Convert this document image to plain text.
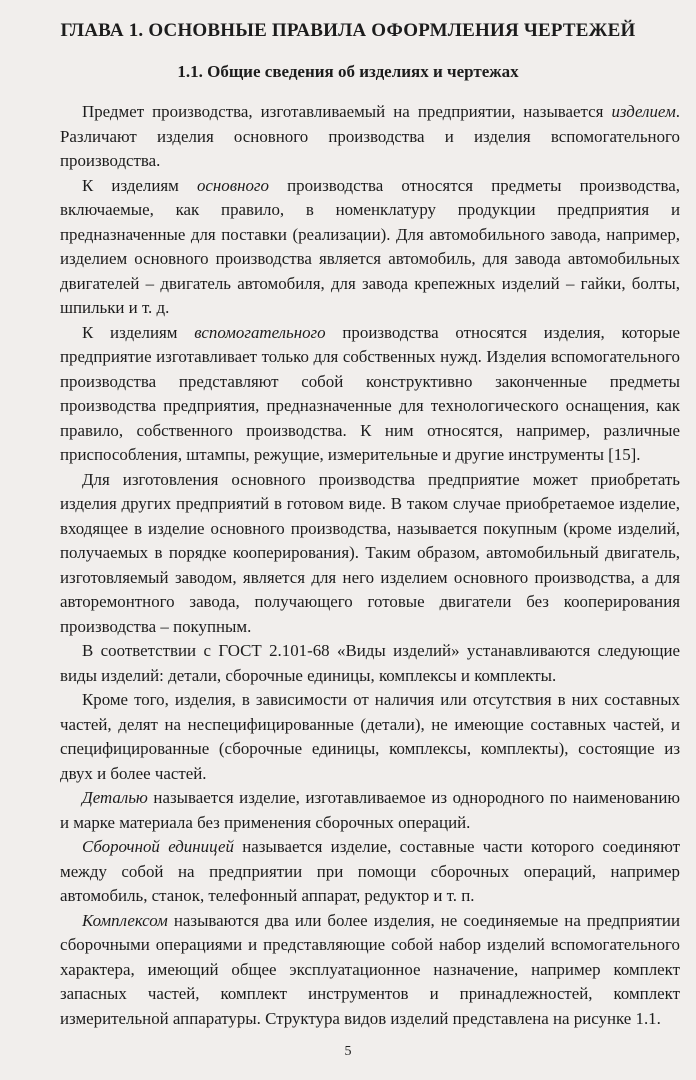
ГЛАВА 1. ОСНОВНЫЕ ПРАВИЛА ОФОРМЛЕНИЯ ЧЕРТЕЖЕЙ
1.1. Общие сведения об изделиях и чертежах

Предмет производства, изготавливаемый на предприятии, называется изделием. Различают изделия основного производства и изделия вспомогательного производства.

К изделиям основного производства относятся предметы производства, включаемые, как правило, в номенклатуру продукции предприятия и предназначенные для поставки (реализации). Для автомобильного завода, например, изделием основного производства является автомобиль, для завода автомобильных двигателей – двигатель автомобиля, для завода крепежных изделий – гайки, болты, шпильки и т. д.

К изделиям вспомогательного производства относятся изделия, которые предприятие изготавливает только для собственных нужд. Изделия вспомогательного производства представляют собой конструктивно законченные предметы производства предприятия, предназначенные для технологического оснащения, как правило, собственного производства. К ним относятся, например, различные приспособления, штампы, режущие, измерительные и другие инструменты [15].

Для изготовления основного производства предприятие может приобретать изделия других предприятий в готовом виде. В таком случае приобретаемое изделие, входящее в изделие основного производства, называется покупным (кроме изделий, получаемых в порядке кооперирования). Таким образом, автомобильный двигатель, изготовляемый заводом, является для него изделием основного производства, а для авторемонтного завода, получающего готовые двигатели без кооперирования производства – покупным.

В соответствии с ГОСТ 2.101-68 «Виды изделий» устанавливаются следующие виды изделий: детали, сборочные единицы, комплексы и комплекты.

Кроме того, изделия, в зависимости от наличия или отсутствия в них составных частей, делят на неспецифицированные (детали), не имеющие составных частей, и специфицированные (сборочные единицы, комплексы, комплекты), состоящие из двух и более частей.

Деталью называется изделие, изготавливаемое из однородного по наименованию и марке материала без применения сборочных операций.

Сборочной единицей называется изделие, составные части которого соединяют между собой на предприятии при помощи сборочных операций, например автомобиль, станок, телефонный аппарат, редуктор и т. п.

Комплексом называются два или более изделия, не соединяемые на предприятии сборочными операциями и представляющие собой набор изделий вспомогательного характера, имеющий общее эксплуатационное назначение, например комплект запасных частей, комплект инструментов и принадлежностей, комплект измерительной аппаратуры. Структура видов изделий представлена на рисунке 1.1.

5
